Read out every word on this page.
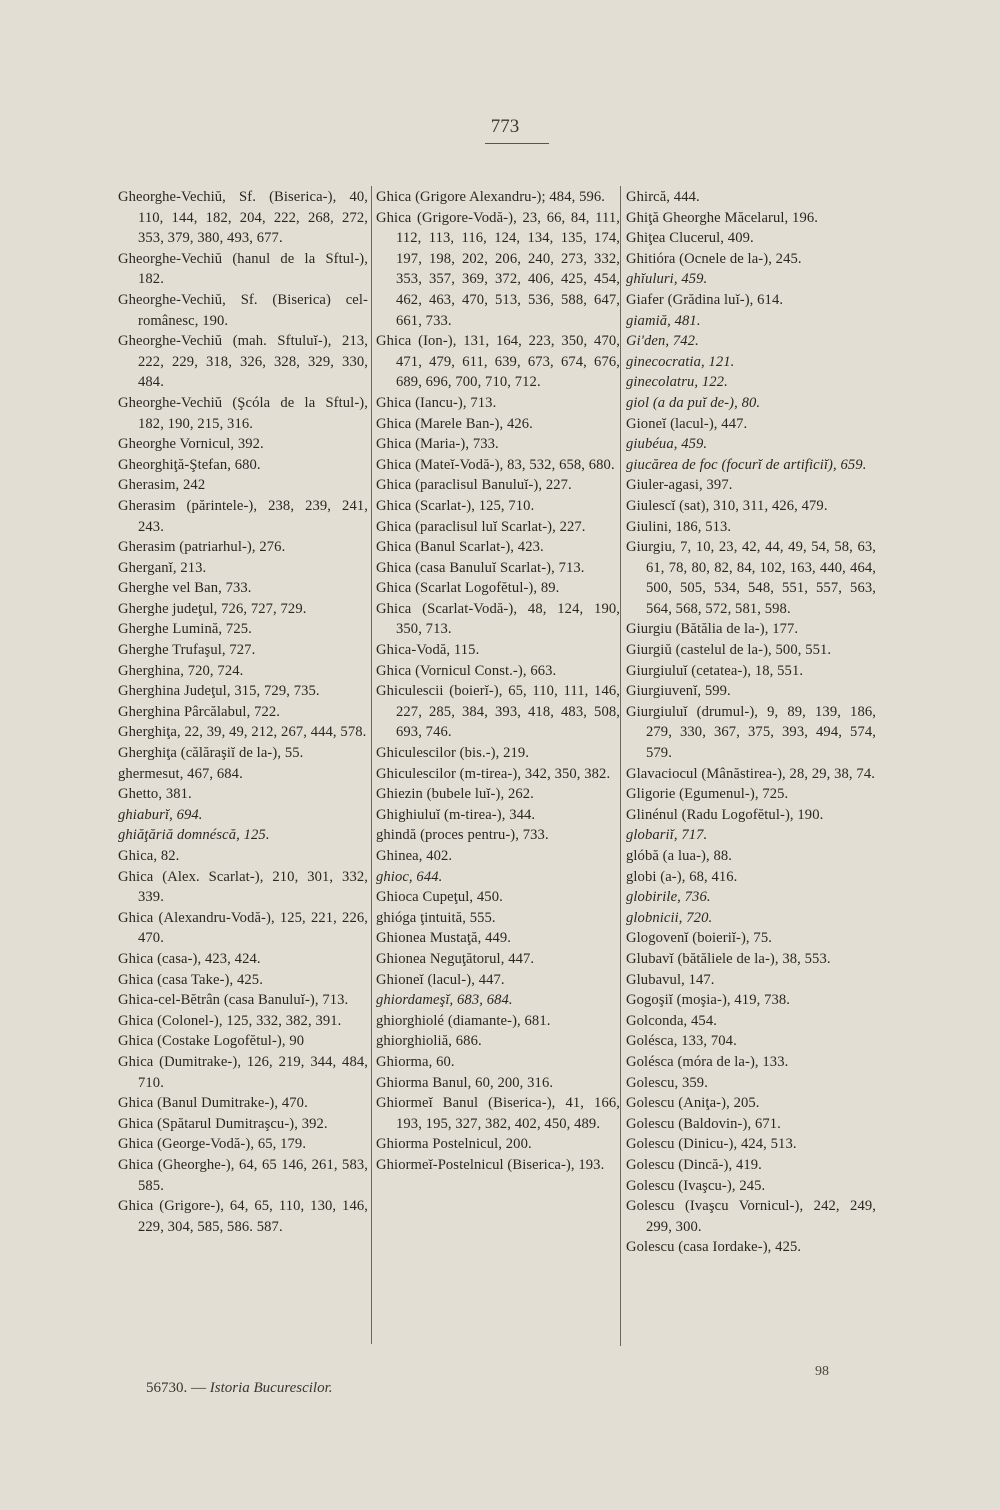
773

Gheorghe-Vechiŭ, Sf. (Biserica-), 40, 110, 144, 182, 204, 222, 268, 272, 353, 379, 380, 493, 677.

Gheorghe-Vechiŭ (hanul de la Sftul-), 182.

Gheorghe-Vechiŭ, Sf. (Biserica) cel-românesc, 190.

Gheorghe-Vechiŭ (mah. Sftuluĭ-), 213, 222, 229, 318, 326, 328, 329, 330, 484.

Gheorghe-Vechiŭ (Şcóla de la Sftul-), 182, 190, 215, 316.

Gheorghe Vornicul, 392.

Gheorghiţă-Ştefan, 680.

Gherasim, 242

Gherasim (părintele-), 238, 239, 241, 243.

Gherasim (patriarhul-), 276.

Gherganĭ, 213.

Gherghe vel Ban, 733.

Gherghe judeţul, 726, 727, 729.

Gherghe Lumină, 725.

Gherghe Trufaşul, 727.

Gherghina, 720, 724.

Gherghina Judeţul, 315, 729, 735.

Gherghina Pârcălabul, 722.

Gherghiţa, 22, 39, 49, 212, 267, 444, 578.

Gherghiţa (călăraşiĭ de la-), 55.

ghermesut, 467, 684.

Ghetto, 381.

ghiaburĭ, 694.

ghiăţăriă domnéscă, 125.

Ghica, 82.

Ghica (Alex. Scarlat-), 210, 301, 332, 339.

Ghica (Alexandru-Vodă-), 125, 221, 226, 470.

Ghica (casa-), 423, 424.

Ghica (casa Take-), 425.

Ghica-cel-Bĕtrân (casa Banuluĭ-), 713.

Ghica (Colonel-), 125, 332, 382, 391.

Ghica (Costake Logofĕtul-), 90

Ghica (Dumitrake-), 126, 219, 344, 484, 710.

Ghica (Banul Dumitrake-), 470.

Ghica (Spătarul Dumitraşcu-), 392.

Ghica (George-Vodă-), 65, 179.

Ghica (Gheorghe-), 64, 65 146, 261, 583, 585.

Ghica (Grigore-), 64, 65, 110, 130, 146, 229, 304, 585, 586. 587.

Ghica (Grigore Alexandru-); 484, 596.

Ghica (Grigore-Vodă-), 23, 66, 84, 111, 112, 113, 116, 124, 134, 135, 174, 197, 198, 202, 206, 240, 273, 332, 353, 357, 369, 372, 406, 425, 454, 462, 463, 470, 513, 536, 588, 647, 661, 733.

Ghica (Ion-), 131, 164, 223, 350, 470, 471, 479, 611, 639, 673, 674, 676, 689, 696, 700, 710, 712.

Ghica (Iancu-), 713.

Ghica (Marele Ban-), 426.

Ghica (Maria-), 733.

Ghica (Mateĭ-Vodă-), 83, 532, 658, 680.

Ghica (paraclisul Banuluĭ-), 227.

Ghica (Scarlat-), 125, 710.

Ghica (paraclisul luĭ Scarlat-), 227.

Ghica (Banul Scarlat-), 423.

Ghica (casa Banuluĭ Scarlat-), 713.

Ghica (Scarlat Logofĕtul-), 89.

Ghica (Scarlat-Vodă-), 48, 124, 190, 350, 713.

Ghica-Vodă, 115.

Ghica (Vornicul Const.-), 663.

Ghiculescii (boierĭ-), 65, 110, 111, 146, 227, 285, 384, 393, 418, 483, 508, 693, 746.

Ghiculescilor (bis.-), 219.

Ghiculescilor (m-tirea-), 342, 350, 382.

Ghiezin (bubele luĭ-), 262.

Ghighiuluĭ (m-tirea-), 344.

ghindă (proces pentru-), 733.

Ghinea, 402.

ghioc, 644.

Ghioca Cupeţul, 450.

ghióga ţintuită, 555.

Ghionea Mustaţă, 449.

Ghionea Neguţătorul, 447.

Ghioneĭ (lacul-), 447.

ghiordameşĭ, 683, 684.

ghiorghiolé (diamante-), 681.

ghiorghioliă, 686.

Ghiorma, 60.

Ghiorma Banul, 60, 200, 316.

Ghiormeĭ Banul (Biserica-), 41, 166, 193, 195, 327, 382, 402, 450, 489.

Ghiorma Postelnicul, 200.

Ghiormeĭ-Postelnicul (Biserica-), 193.

Ghircă, 444.

Ghiţă Gheorghe Măcelarul, 196.

Ghiţea Clucerul, 409.

Ghitióra (Ocnele de la-), 245.

ghĭuluri, 459.

Giafer (Grădina luĭ-), 614.

giamiă, 481.

Gi'den, 742.

ginecocratia, 121.

ginecolatru, 122.

giol (a da puĭ de-), 80.

Gioneĭ (lacul-), 447.

giubéua, 459.

giucărea de foc (focurĭ de artificiĭ), 659.

Giuler-agasi, 397.

Giulescĭ (sat), 310, 311, 426, 479.

Giulini, 186, 513.

Giurgiu, 7, 10, 23, 42, 44, 49, 54, 58, 63, 61, 78, 80, 82, 84, 102, 163, 440, 464, 500, 505, 534, 548, 551, 557, 563, 564, 568, 572, 581, 598.

Giurgiu (Bătălia de la-), 177.

Giurgiŭ (castelul de la-), 500, 551.

Giurgiuluĭ (cetatea-), 18, 551.

Giurgiuvenĭ, 599.

Giurgiuluĭ (drumul-), 9, 89, 139, 186, 279, 330, 367, 375, 393, 494, 574, 579.

Glavaciocul (Mânăstirea-), 28, 29, 38, 74.

Gligorie (Egumenul-), 725.

Glinénul (Radu Logofĕtul-), 190.

globariĭ, 717.

glóbă (a lua-), 88.

globi (a-), 68, 416.

globirile, 736.

globnicii, 720.

Glogovenĭ (boieriĭ-), 75.

Glubavĭ (bătăliele de la-), 38, 553.

Glubavul, 147.

Gogoşiĭ (moşia-), 419, 738.

Golconda, 454.

Golésca, 133, 704.

Golésca (móra de la-), 133.

Golescu, 359.

Golescu (Aniţa-), 205.

Golescu (Baldovin-), 671.

Golescu (Dinicu-), 424, 513.

Golescu (Dincă-), 419.

Golescu (Ivaşcu-), 245.

Golescu (Ivaşcu Vornicul-), 242, 249, 299, 300.

Golescu (casa Iordake-), 425.

56730. — Istoria Bucurescilor.
98
